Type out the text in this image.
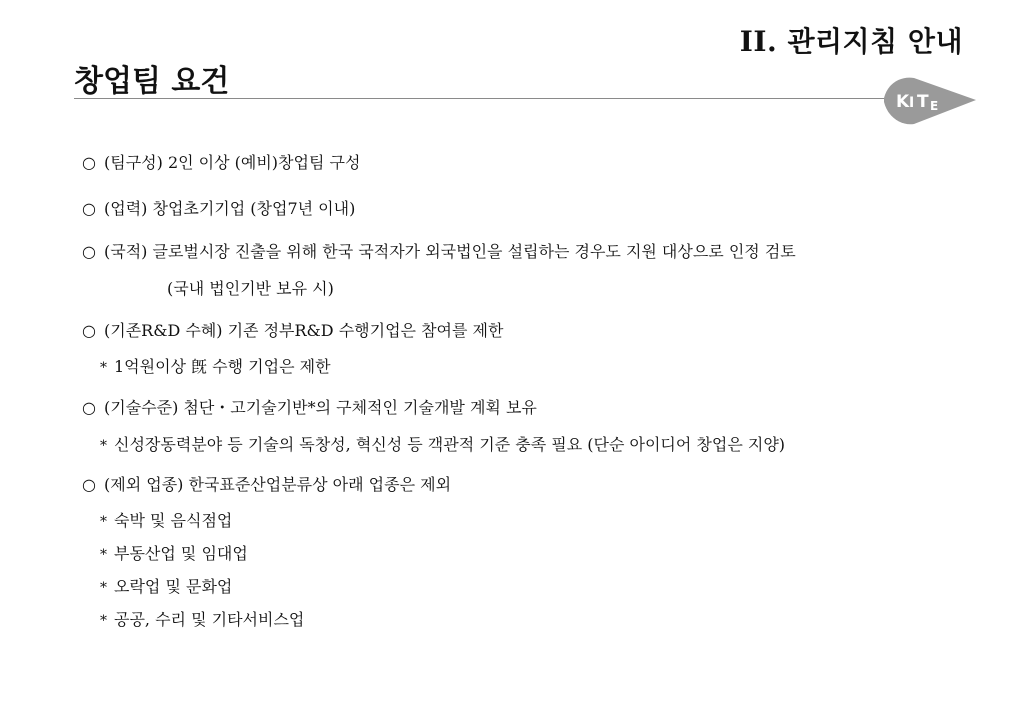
II. 관리지침 안내
창업팀 요건
K I T E
○ (팀구성) 2인 이상 (예비)창업팀 구성
○ (업력) 창업초기기업 (창업7년 이내)
○ (국적) 글로벌시장 진출을 위해 한국 국적자가 외국법인을 설립하는 경우도 지원 대상으로 인정 검토
(국내 법인기반 보유 시)
○ (기존R&D 수혜) 기존 정부R&D 수행기업은 참여를 제한
* 1억원이상 旣 수행 기업은 제한
○ (기술수준) 첨단・고기술기반*의 구체적인 기술개발 계획 보유
* 신성장동력분야 등 기술의 독창성, 혁신성 등 객관적 기준 충족 필요 (단순 아이디어 창업은 지양)
○ (제외 업종) 한국표준산업분류상 아래 업종은 제외
* 숙박 및 음식점업
* 부동산업 및 임대업
* 오락업 및 문화업
* 공공, 수리 및 기타서비스업
